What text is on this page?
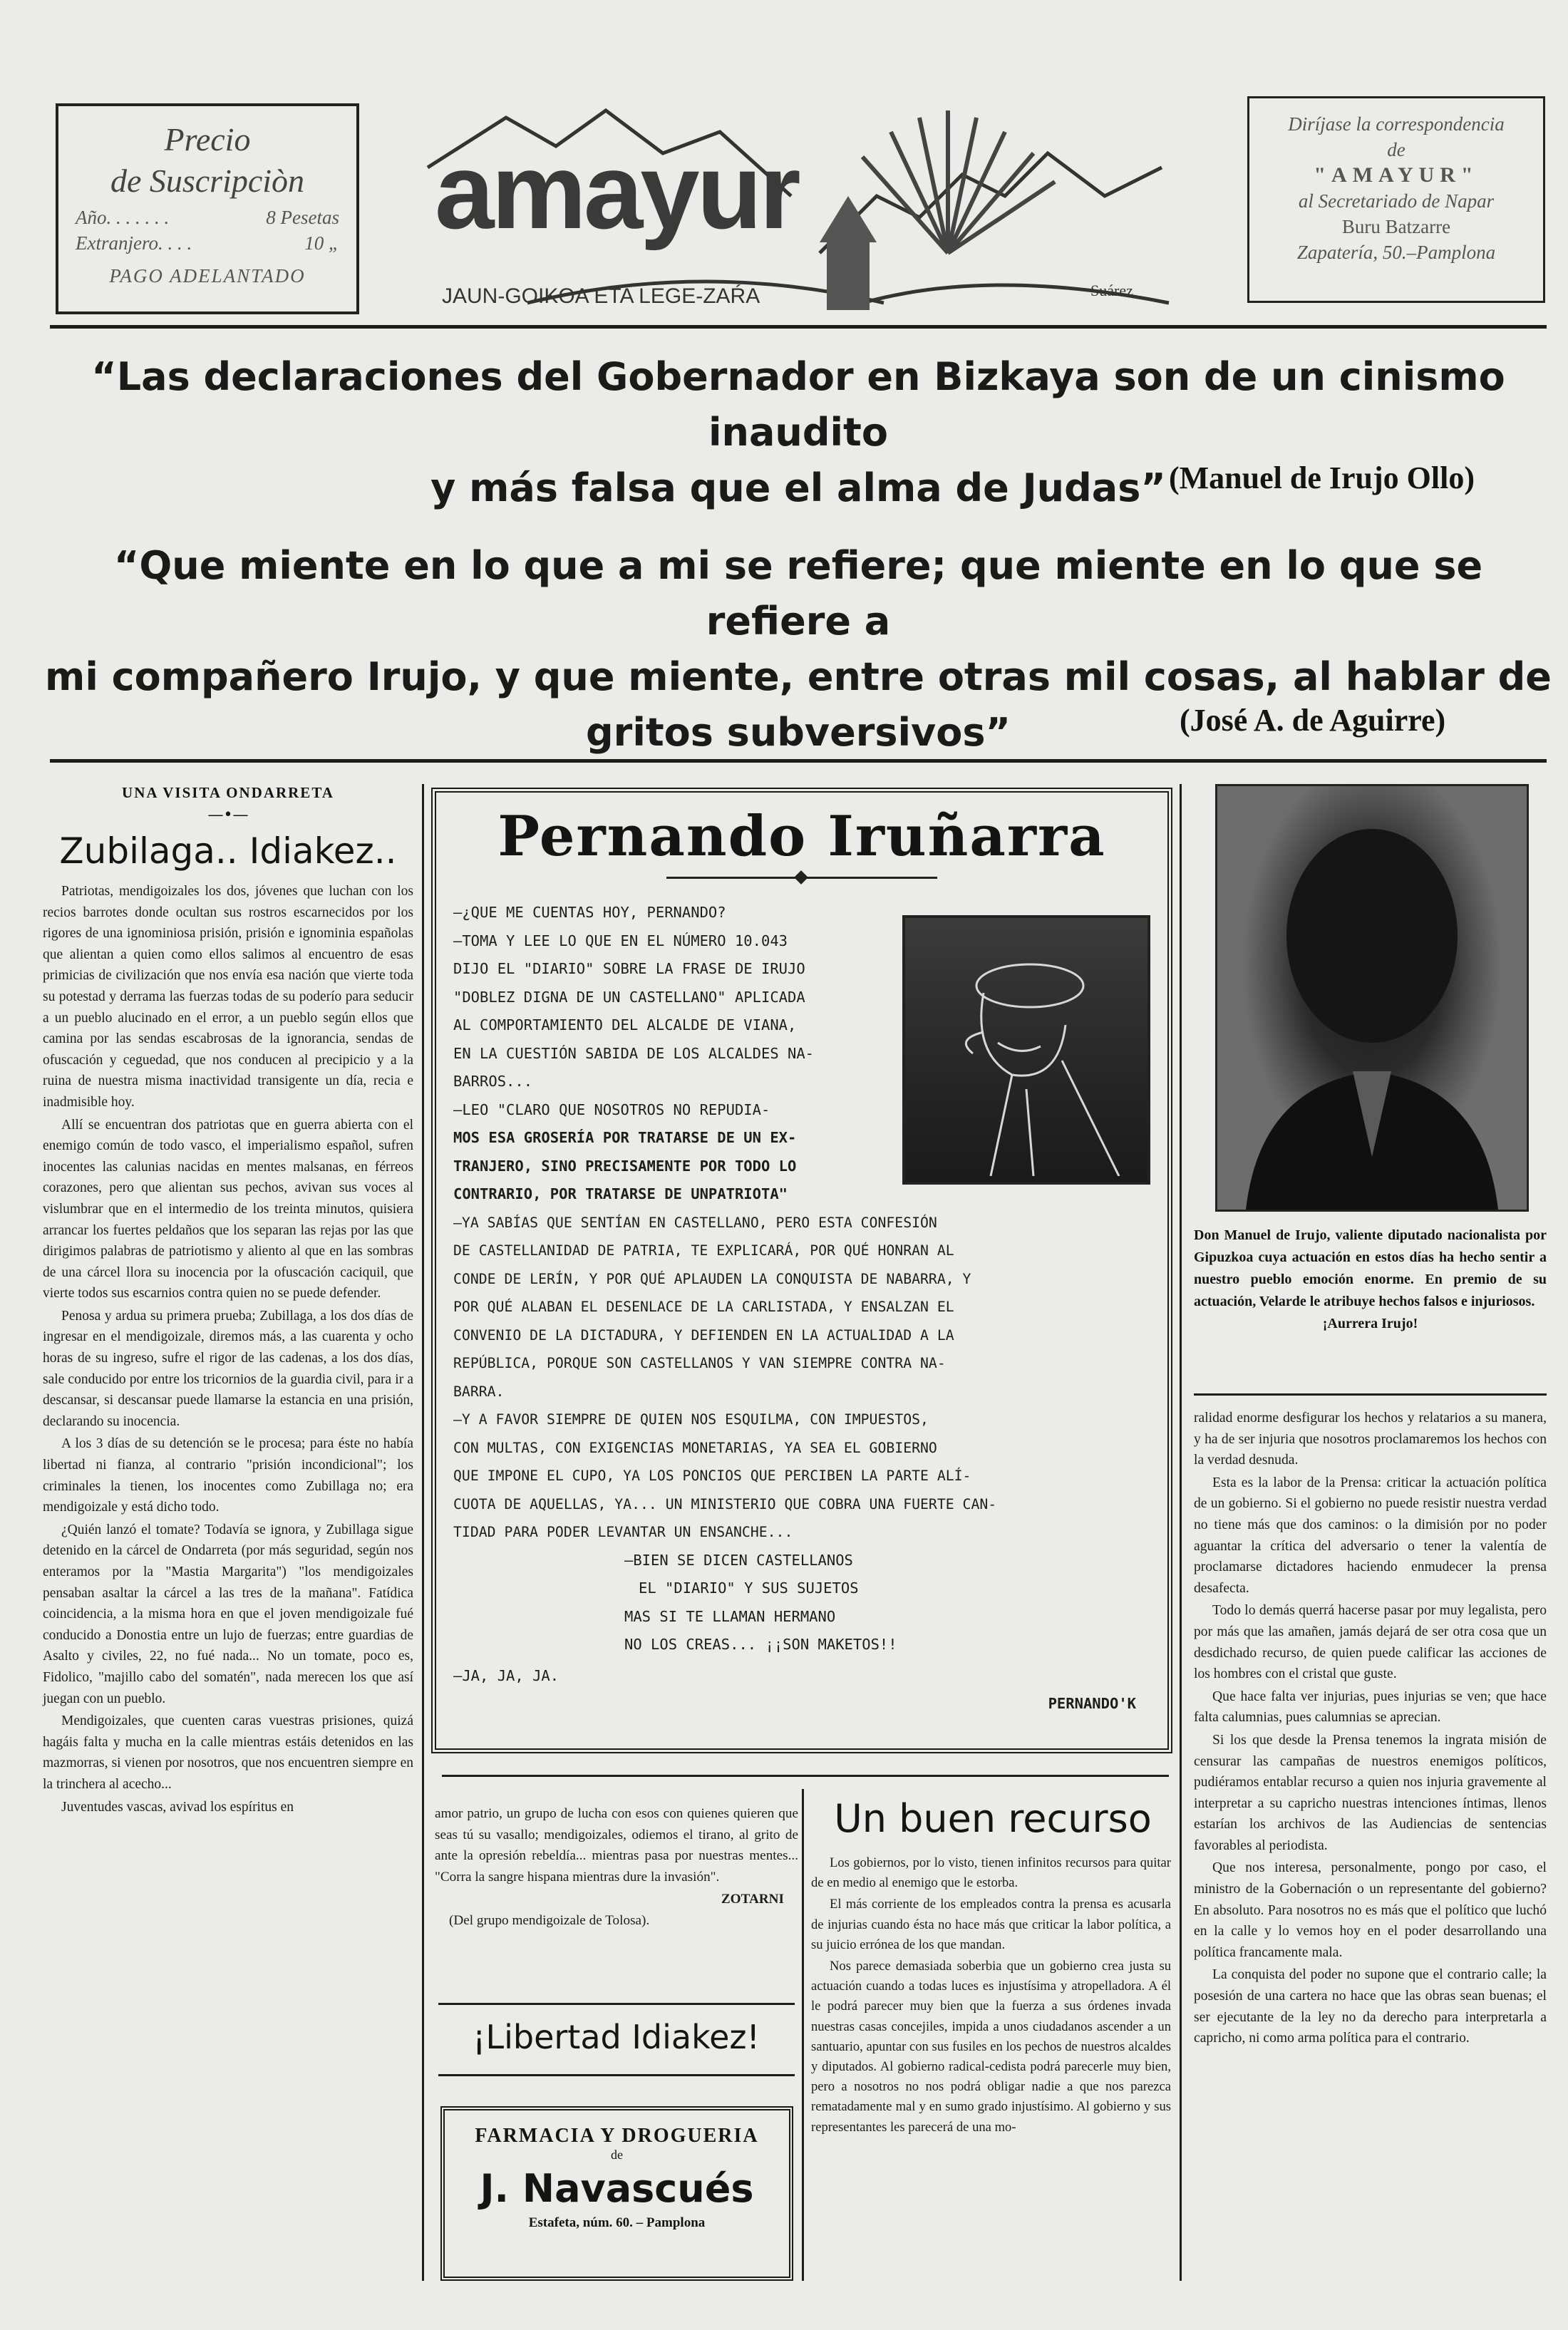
Precio
de Suscripciòn
Año. . . . . . .	8 Pesetas
Extranjero. . . .	10 „
PAGO ADELANTADO
amayur
JAUN-GOIKOA ETA LEGE-ZAŔA	Suárez
Diríjase la correspondencia
de
"AMAYUR"
al Secretariado de Napar
Buru Batzarre
Zapatería, 50.–Pamplona
“Las declaraciones del Gobernador en Bizkaya son de un cinismo inaudito
y más falsa que el alma de Judas” (Manuel de Irujo Ollo)
“Que miente en lo que a mi se refiere; que miente en lo que se refiere a
mi compañero Irujo, y que miente, entre otras mil cosas, al hablar de
gritos subversivos”	(José A. de Aguirre)
UNA VISITA ONDARRETA
—•—
Zubilaga.. Idiakez..

Patriotas, mendigoizales los dos, jóvenes que luchan con los recios barrotes donde ocultan sus rostros escarnecidos por los rigores de una ignominiosa prisión, prisión e ignominia españolas que alientan a quien como ellos salimos al encuentro de esas primicias de civilización que nos envía esa nación que vierte toda su potestad y derrama las fuerzas todas de su poderío para seducir a un pueblo alucinado en el error, a un pueblo según ellos que camina por las sendas escabrosas de la ignorancia, sendas de ofuscación y ceguedad, que nos conducen al precipicio y a la ruina de nuestra misma inactividad transigente un día, recia e inadmisible hoy.

Allí se encuentran dos patriotas que en guerra abierta con el enemigo común de todo vasco, el imperialismo español, sufren inocentes las calunias nacidas en mentes malsanas, en férreos corazones, pero que alientan sus pechos, avivan sus voces al vislumbrar que en el intermedio de los treinta minutos, quisiera arrancar los fuertes peldaños que los separan las rejas por las que dirigimos palabras de patriotismo y aliento al que en las sombras de una cárcel llora su inocencia por la ofuscación caciquil, que vierte todos sus escarnios contra quien no se puede defender.

Penosa y ardua su primera prueba; Zubillaga, a los dos días de ingresar en el mendigoizale, diremos más, a las cuarenta y ocho horas de su ingreso, sufre el rigor de las cadenas, a los dos días, sale conducido por entre los tricornios de la guardia civil, para ir a descansar, si descansar puede llamarse la estancia en una prisión, declarando su inocencia.

A los 3 días de su detención se le procesa; para éste no había libertad ni fianza, al contrario "prisión incondicional"; los criminales la tienen, los inocentes como Zubillaga no; era mendigoizale y está dicho todo.

¿Quién lanzó el tomate? Todavía se ignora, y Zubillaga sigue detenido en la cárcel de Ondarreta (por más seguridad, según nos enteramos por la "Mastia Margarita") "los mendigoizales pensaban asaltar la cárcel a las tres de la mañana". Fatídica coincidencia, a la misma hora en que el joven mendigoizale fué conducido a Donostia entre un lujo de fuerzas; entre guardias de Asalto y civiles, 22, no fué nada... No un tomate, poco es, Fidolico, "majillo cabo del somatén", nada merecen los que así juegan con un pueblo.

Mendigoizales, que cuenten caras vuestras prisiones, quizá hagáis falta y mucha en la calle mientras estáis detenidos en las mazmorras, si vienen por nosotros, que nos encuentren siempre en la trinchera al acecho...

Juventudes vascas, avivad los espíritus en

Pernando Iruñarra

—¿QUE ME CUENTAS HOY, PERNANDO?

—TOMA Y LEE LO QUE EN EL NÚMERO 10.043

DIJO EL "DIARIO" SOBRE LA FRASE DE IRUJO

"DOBLEZ DIGNA DE UN CASTELLANO" APLICADA

AL COMPORTAMIENTO DEL ALCALDE DE VIANA,

EN LA CUESTIÓN SABIDA DE LOS ALCALDES NA-

BARROS...

—LEO "CLARO QUE NOSOTROS NO REPUDIA-

MOS ESA GROSERÍA POR TRATARSE DE UN EX-

TRANJERO, SINO PRECISAMENTE POR TODO LO

CONTRARIO, POR TRATARSE DE UNPATRIOTA"

—YA SABÍAS QUE SENTÍAN EN CASTELLANO, PERO ESTA CONFESIÓN

DE CASTELLANIDAD DE PATRIA, TE EXPLICARÁ, POR QUÉ HONRAN AL

CONDE DE LERÍN, Y POR QUÉ APLAUDEN LA CONQUISTA DE NABARRA, Y

POR QUÉ ALABAN EL DESENLACE DE LA CARLISTADA, Y ENSALZAN EL

CONVENIO DE LA DICTADURA, Y DEFIENDEN EN LA ACTUALIDAD A LA

REPÚBLICA, PORQUE SON CASTELLANOS Y VAN SIEMPRE CONTRA NA-

BARRA.

—Y A FAVOR SIEMPRE DE QUIEN NOS ESQUILMA, CON IMPUESTOS,

CON MULTAS, CON EXIGENCIAS MONETARIAS, YA SEA EL GOBIERNO

QUE IMPONE EL CUPO, YA LOS PONCIOS QUE PERCIBEN LA PARTE ALÍ-

CUOTA DE AQUELLAS, YA... UN MINISTERIO QUE COBRA UNA FUERTE CAN-

TIDAD PARA PODER LEVANTAR UN ENSANCHE...

—BIEN SE DICEN CASTELLANOS

EL "DIARIO" Y SUS SUJETOS

MAS SI TE LLAMAN HERMANO

NO LOS CREAS... ¡¡SON MAKETOS!!

—JA, JA, JA.
PERNANDO'K
Don Manuel de Irujo, valiente diputado nacionalista por Gipuzkoa cuya actuación en estos días ha hecho sentir a nuestro pueblo emoción enorme. En premio de su actuación, Velarde le atribuye hechos falsos e injuriosos.
¡Aurrera Irujo!

ralidad enorme desfigurar los hechos y relatarios a su manera, y ha de ser injuria que nosotros proclamaremos los hechos con la verdad desnuda.

Esta es la labor de la Prensa: criticar la actuación política de un gobierno. Si el gobierno no puede resistir nuestra verdad no tiene más que dos caminos: o la dimisión por no poder aguantar la crítica del adversario o tener la valentía de proclamarse dictadores haciendo enmudecer la prensa desafecta.

Todo lo demás querrá hacerse pasar por muy legalista, pero por más que las amañen, jamás dejará de ser otra cosa que un desdichado recurso, de quien puede calificar las acciones de los hombres con el cristal que guste.

Que hace falta ver injurias, pues injurias se ven; que hace falta calumnias, pues calumnias se aprecian.

Si los que desde la Prensa tenemos la ingrata misión de censurar las campañas de nuestros enemigos políticos, pudiéramos entablar recurso a quien nos injuria gravemente al interpretar a su capricho nuestras intenciones íntimas, llenos estarían los archivos de las Audiencias de sentencias favorables al periodista.

Que nos interesa, personalmente, pongo por caso, el ministro de la Gobernación o un representante del gobierno? En absoluto. Para nosotros no es más que el político que luchó en la calle y lo vemos hoy en el poder desarrollando una política francamente mala.

La conquista del poder no supone que el contrario calle; la posesión de una cartera no hace que las obras sean buenas; el ser ejecutante de la ley no da derecho para interpretarla a capricho, ni como arma política para el contrario.

amor patrio, un grupo de lucha con esos con quienes quieren que seas tú su vasallo; mendigoizales, odiemos el tirano, al grito de ante la opresión rebeldía... mientras pasa por nuestras mentes... "Corra la sangre hispana mientras dure la invasión".

ZOTARNI
(Del grupo mendigoizale de Tolosa).
¡Libertad Idiakez!
FARMACIA Y DROGUERIA
de
J. Navascués
Estafeta, núm. 60. – Pamplona
Un buen recurso

Los gobiernos, por lo visto, tienen infinitos recursos para quitar de en medio al enemigo que le estorba.

El más corriente de los empleados contra la prensa es acusarla de injurias cuando ésta no hace más que criticar la labor política, a su juicio errónea de los que mandan.

Nos parece demasiada soberbia que un gobierno crea justa su actuación cuando a todas luces es injustísima y atropelladora. A él le podrá parecer muy bien que la fuerza a sus órdenes invada nuestras casas concejiles, impida a unos ciudadanos ascender a un santuario, apuntar con sus fusiles en los pechos de nuestros alcaldes y diputados. Al gobierno radical-cedista podrá parecerle muy bien, pero a nosotros no nos podrá obligar nadie a que nos parezca rematadamente mal y en sumo grado injustísimo. Al gobierno y sus representantes les parecerá de una mo-
